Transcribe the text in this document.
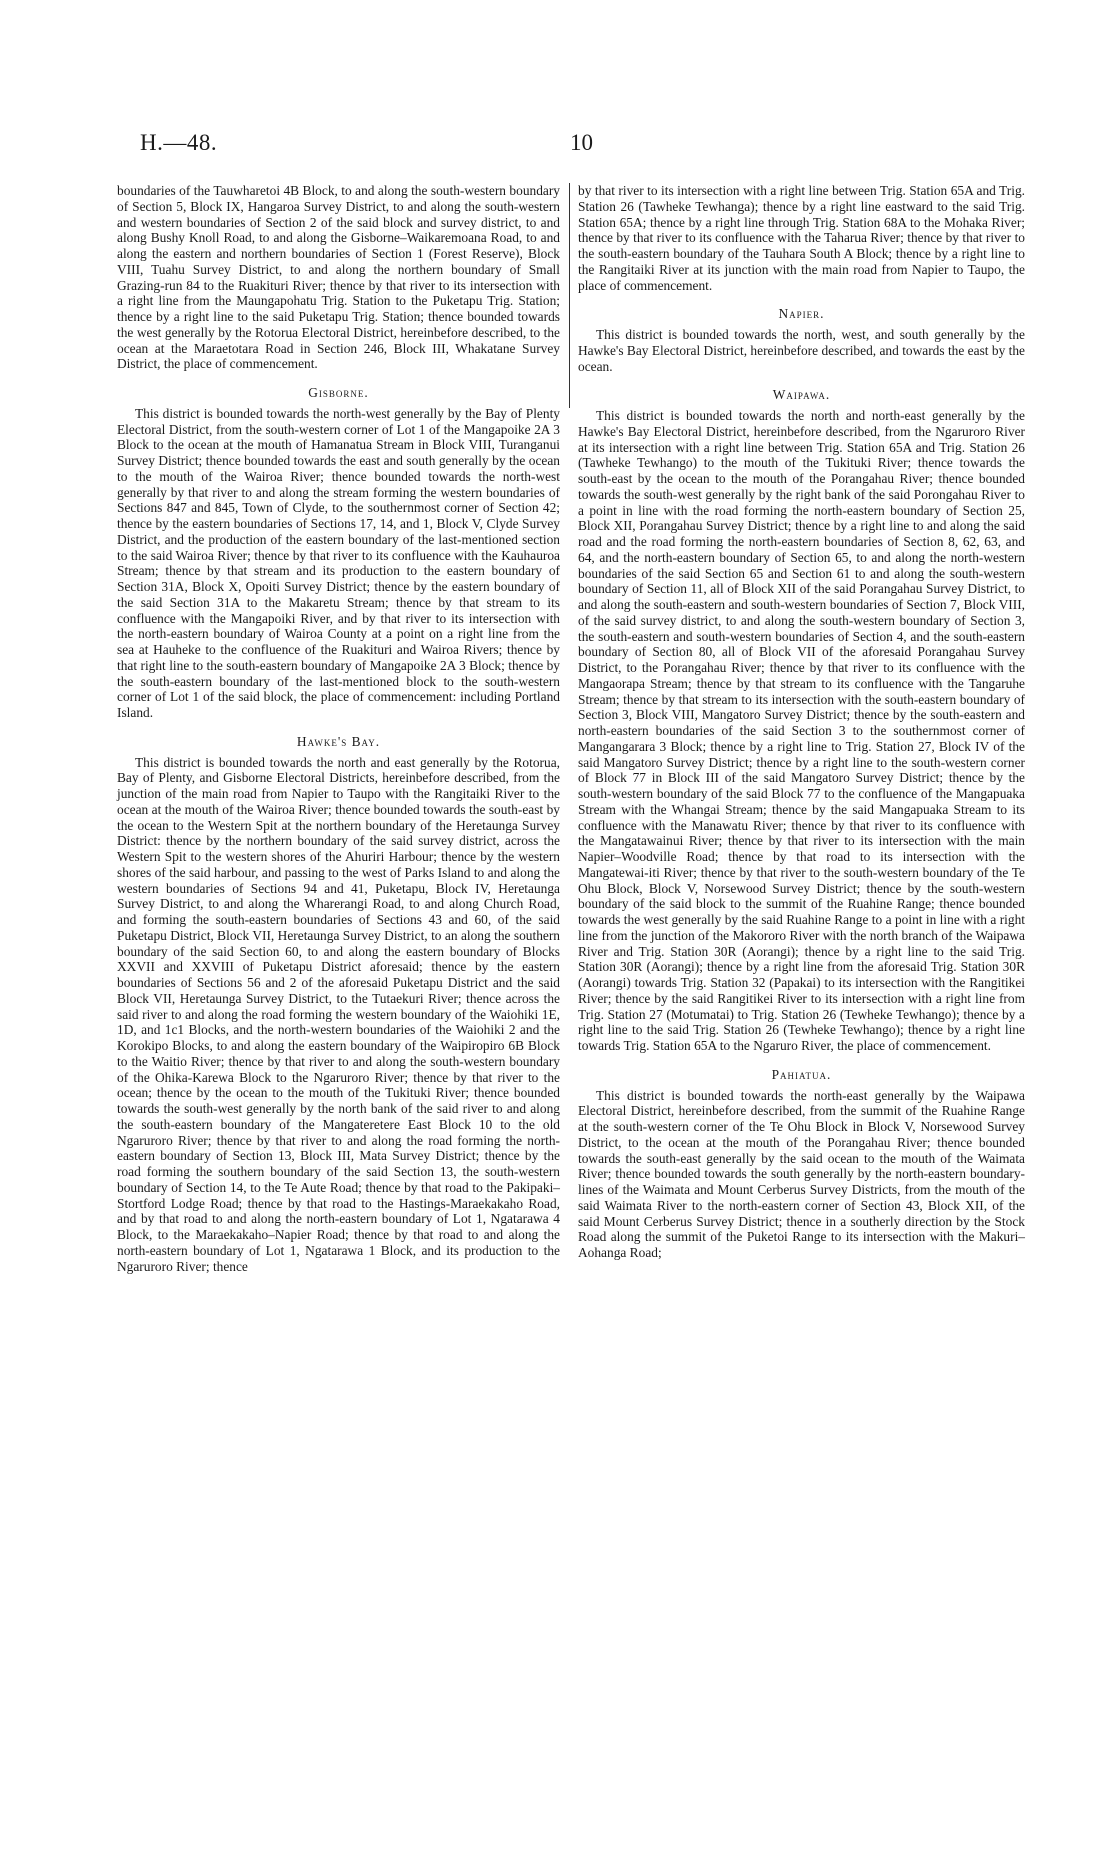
H.—48.	10

boundaries of the Tauwharetoi 4B Block, to and along the south-western boundary of Section 5, Block IX, Hangaroa Survey District, to and along the south-western and western boundaries of Section 2 of the said block and survey district, to and along Bushy Knoll Road, to and along the Gisborne–Waikaremoana Road, to and along the eastern and northern boundaries of Section 1 (Forest Reserve), Block VIII, Tuahu Survey District, to and along the northern boundary of Small Grazing-run 84 to the Ruakituri River; thence by that river to its intersection with a right line from the Maungapohatu Trig. Station to the Puketapu Trig. Station; thence by a right line to the said Puketapu Trig. Station; thence bounded towards the west generally by the Rotorua Electoral District, hereinbefore described, to the ocean at the Maraetotara Road in Section 246, Block III, Whakatane Survey District, the place of commencement.

Gisborne.

This district is bounded towards the north-west generally by the Bay of Plenty Electoral District, from the south-western corner of Lot 1 of the Mangapoike 2A 3 Block to the ocean at the mouth of Hamanatua Stream in Block VIII, Turanganui Survey District; thence bounded towards the east and south generally by the ocean to the mouth of the Wairoa River; thence bounded towards the north-west generally by that river to and along the stream forming the western boundaries of Sections 847 and 845, Town of Clyde, to the southernmost corner of Section 42; thence by the eastern boundaries of Sections 17, 14, and 1, Block V, Clyde Survey District, and the production of the eastern boundary of the last-mentioned section to the said Wairoa River; thence by that river to its confluence with the Kauhauroa Stream; thence by that stream and its production to the eastern boundary of Section 31A, Block X, Opoiti Survey District; thence by the eastern boundary of the said Section 31A to the Makaretu Stream; thence by that stream to its confluence with the Mangapoiki River, and by that river to its intersection with the north-eastern boundary of Wairoa County at a point on a right line from the sea at Hauheke to the confluence of the Ruakituri and Wairoa Rivers; thence by that right line to the south-eastern boundary of Mangapoike 2A 3 Block; thence by the south-eastern boundary of the last-mentioned block to the south-western corner of Lot 1 of the said block, the place of commencement: including Portland Island.

Hawke's Bay.

This district is bounded towards the north and east generally by the Rotorua, Bay of Plenty, and Gisborne Electoral Districts, hereinbefore described, from the junction of the main road from Napier to Taupo with the Rangitaiki River to the ocean at the mouth of the Wairoa River; thence bounded towards the south-east by the ocean to the Western Spit at the northern boundary of the Heretaunga Survey District: thence by the northern boundary of the said survey district, across the Western Spit to the western shores of the Ahuriri Harbour; thence by the western shores of the said harbour, and passing to the west of Parks Island to and along the western boundaries of Sections 94 and 41, Puketapu, Block IV, Heretaunga Survey District, to and along the Wharerangi Road, to and along Church Road, and forming the south-eastern boundaries of Sections 43 and 60, of the said Puketapu District, Block VII, Heretaunga Survey District, to an along the southern boundary of the said Section 60, to and along the eastern boundary of Blocks XXVII and XXVIII of Puketapu District aforesaid; thence by the eastern boundaries of Sections 56 and 2 of the aforesaid Puketapu District and the said Block VII, Heretaunga Survey District, to the Tutaekuri River; thence across the said river to and along the road forming the western boundary of the Waiohiki 1E, 1D, and 1c1 Blocks, and the north-western boundaries of the Waiohiki 2 and the Korokipo Blocks, to and along the eastern boundary of the Waipiropiro 6B Block to the Waitio River; thence by that river to and along the south-western boundary of the Ohika-Karewa Block to the Ngaruroro River; thence by that river to the ocean; thence by the ocean to the mouth of the Tukituki River; thence bounded towards the south-west generally by the north bank of the said river to and along the south-eastern boundary of the Mangateretere East Block 10 to the old Ngaruroro River; thence by that river to and along the road forming the north-eastern boundary of Section 13, Block III, Mata Survey District; thence by the road forming the southern boundary of the said Section 13, the south-western boundary of Section 14, to the Te Aute Road; thence by that road to the Pakipaki–Stortford Lodge Road; thence by that road to the Hastings-Maraekakaho Road, and by that road to and along the north-eastern boundary of Lot 1, Ngatarawa 4 Block, to the Maraekakaho–Napier Road; thence by that road to and along the north-eastern boundary of Lot 1, Ngatarawa 1 Block, and its production to the Ngaruroro River; thence

by that river to its intersection with a right line between Trig. Station 65A and Trig. Station 26 (Tawheke Tewhanga); thence by a right line eastward to the said Trig. Station 65A; thence by a right line through Trig. Station 68A to the Mohaka River; thence by that river to its confluence with the Taharua River; thence by that river to the south-eastern boundary of the Tauhara South A Block; thence by a right line to the Rangitaiki River at its junction with the main road from Napier to Taupo, the place of commencement.

Napier.

This district is bounded towards the north, west, and south generally by the Hawke's Bay Electoral District, hereinbefore described, and towards the east by the ocean.

Waipawa.

This district is bounded towards the north and north-east generally by the Hawke's Bay Electoral District, hereinbefore described, from the Ngaruroro River at its intersection with a right line between Trig. Station 65A and Trig. Station 26 (Tawheke Tewhango) to the mouth of the Tukituki River; thence towards the south-east by the ocean to the mouth of the Porangahau River; thence bounded towards the south-west generally by the right bank of the said Porongahau River to a point in line with the road forming the north-eastern boundary of Section 25, Block XII, Porangahau Survey District; thence by a right line to and along the said road and the road forming the north-eastern boundaries of Section 8, 62, 63, and 64, and the north-eastern boundary of Section 65, to and along the north-western boundaries of the said Section 65 and Section 61 to and along the south-western boundary of Section 11, all of Block XII of the said Porangahau Survey District, to and along the south-eastern and south-western boundaries of Section 7, Block VIII, of the said survey district, to and along the south-western boundary of Section 3, the south-eastern and south-western boundaries of Section 4, and the south-eastern boundary of Section 80, all of Block VII of the aforesaid Porangahau Survey District, to the Porangahau River; thence by that river to its confluence with the Mangaorapa Stream; thence by that stream to its confluence with the Tangaruhe Stream; thence by that stream to its intersection with the south-eastern boundary of Section 3, Block VIII, Mangatoro Survey District; thence by the south-eastern and north-eastern boundaries of the said Section 3 to the southernmost corner of Mangangarara 3 Block; thence by a right line to Trig. Station 27, Block IV of the said Mangatoro Survey District; thence by a right line to the south-western corner of Block 77 in Block III of the said Mangatoro Survey District; thence by the south-western boundary of the said Block 77 to the confluence of the Mangapuaka Stream with the Whangai Stream; thence by the said Mangapuaka Stream to its confluence with the Manawatu River; thence by that river to its confluence with the Mangatawainui River; thence by that river to its intersection with the main Napier–Woodville Road; thence by that road to its intersection with the Mangatewai-iti River; thence by that river to the south-western boundary of the Te Ohu Block, Block V, Norsewood Survey District; thence by the south-western boundary of the said block to the summit of the Ruahine Range; thence bounded towards the west generally by the said Ruahine Range to a point in line with a right line from the junction of the Makororo River with the north branch of the Waipawa River and Trig. Station 30R (Aorangi); thence by a right line to the said Trig. Station 30R (Aorangi); thence by a right line from the aforesaid Trig. Station 30R (Aorangi) towards Trig. Station 32 (Papakai) to its intersection with the Rangitikei River; thence by the said Rangitikei River to its intersection with a right line from Trig. Station 27 (Motumatai) to Trig. Station 26 (Tewheke Tewhango); thence by a right line to the said Trig. Station 26 (Tewheke Tewhango); thence by a right line towards Trig. Station 65A to the Ngaruro River, the place of commencement.

Pahiatua.

This district is bounded towards the north-east generally by the Waipawa Electoral District, hereinbefore described, from the summit of the Ruahine Range at the south-western corner of the Te Ohu Block in Block V, Norsewood Survey District, to the ocean at the mouth of the Porangahau River; thence bounded towards the south-east generally by the said ocean to the mouth of the Waimata River; thence bounded towards the south generally by the north-eastern boundary-lines of the Waimata and Mount Cerberus Survey Districts, from the mouth of the said Waimata River to the north-eastern corner of Section 43, Block XII, of the said Mount Cerberus Survey District; thence in a southerly direction by the Stock Road along the summit of the Puketoi Range to its intersection with the Makuri–Aohanga Road;
